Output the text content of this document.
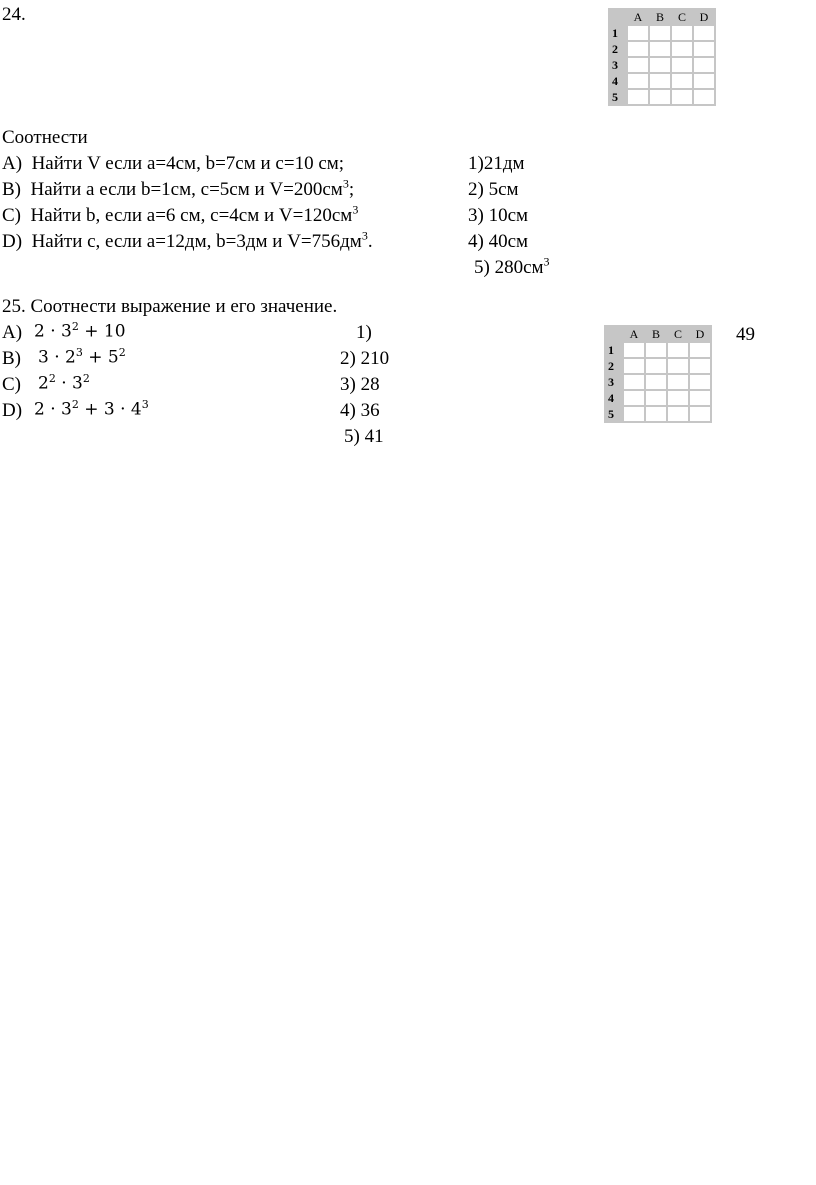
24.
		A	B	C	D
1				
2				
3				
4				
5				
Соотнести
A) Найти V если a=4см, b=7см и c=10 см;
B) Найти a если b=1см, c=5см и $V=200см^3$;
C) Найти b, если a=6 см, c=4см и $V=120см^3$
D) Найти c, если a=12дм, b=3дм и $V=756дм^3$.
1)21дм
2) 5см
3) 10см
4) 40см
5) $280см^3$
25. Соотнести выражение и его значение.
A) $2 \cdot 3^2 + 10$
B) $3 \cdot 2^3 + 5^2$
C) $2^2 \cdot 3^2$
D) $2 \cdot 3^2 + 3 \cdot 4^3$
1)
2) 210
3) 28
4) 36
5) 41
	A	B	C	D
1				
2				
3				
4				
5				
49
